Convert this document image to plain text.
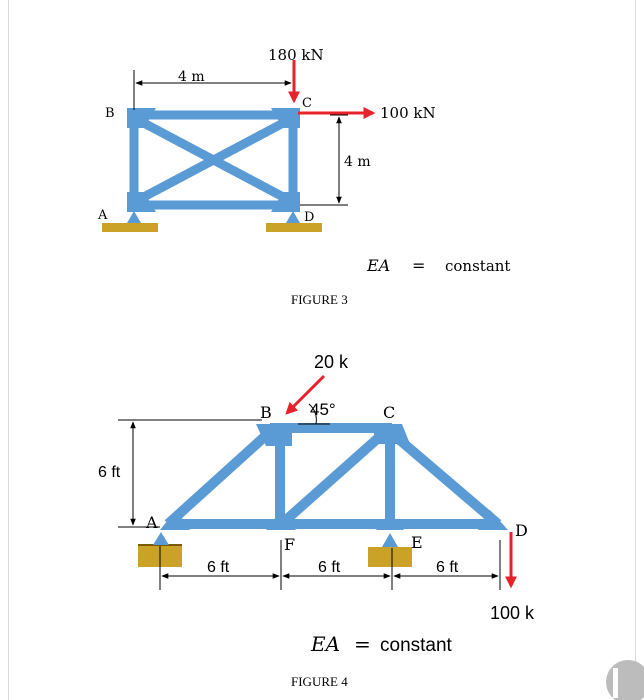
4 m
4 m
180 kN
100 kN
B
C
A	D
EA = constant
FIGURE 3
6 ft
6 ft	6 ft	6 ft
20 k
45°
100 k
A
B	C
D
E
F
EA = constant
FIGURE 4
